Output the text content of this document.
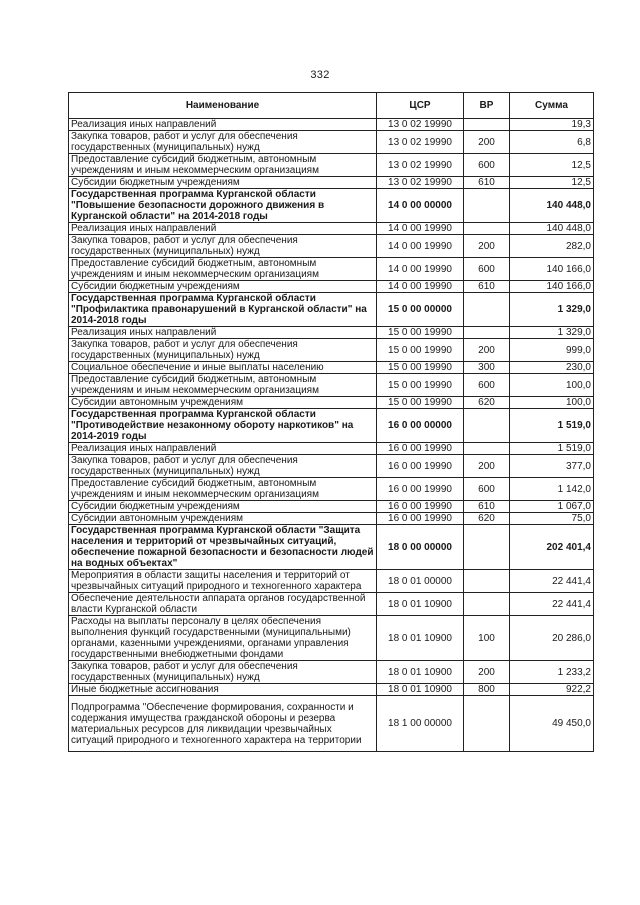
332
Наименование	ЦСР	ВР	Сумма
Реализация иных направлений	13 0 02 19990		19,3
Закупка товаров, работ и услуг для обеспечения государственных (муниципальных) нужд	13 0 02 19990	200	6,8
Предоставление субсидий бюджетным, автономным учреждениям и иным некоммерческим организациям	13 0 02 19990	600	12,5
Субсидии бюджетным учреждениям	13 0 02 19990	610	12,5
Государственная программа Курганской области "Повышение безопасности дорожного движения в Курганской области" на 2014-2018 годы	14 0 00 00000		140 448,0
Реализация иных направлений	14 0 00 19990		140 448,0
Закупка товаров, работ и услуг для обеспечения государственных (муниципальных) нужд	14 0 00 19990	200	282,0
Предоставление субсидий бюджетным, автономным учреждениям и иным некоммерческим организациям	14 0 00 19990	600	140 166,0
Субсидии бюджетным учреждениям	14 0 00 19990	610	140 166,0
Государственная программа Курганской области "Профилактика правонарушений в Курганской области" на 2014-2018 годы	15 0 00 00000		1 329,0
Реализация иных направлений	15 0 00 19990		1 329,0
Закупка товаров, работ и услуг для обеспечения государственных (муниципальных) нужд	15 0 00 19990	200	999,0
Социальное обеспечение и иные выплаты населению	15 0 00 19990	300	230,0
Предоставление субсидий бюджетным, автономным учреждениям и иным некоммерческим организациям	15 0 00 19990	600	100,0
Субсидии автономным учреждениям	15 0 00 19990	620	100,0
Государственная программа Курганской области "Противодействие незаконному обороту наркотиков" на 2014-2019 годы	16 0 00 00000		1 519,0
Реализация иных направлений	16 0 00 19990		1 519,0
Закупка товаров, работ и услуг для обеспечения государственных (муниципальных) нужд	16 0 00 19990	200	377,0
Предоставление субсидий бюджетным, автономным учреждениям и иным некоммерческим организациям	16 0 00 19990	600	1 142,0
Субсидии бюджетным учреждениям	16 0 00 19990	610	1 067,0
Субсидии автономным учреждениям	16 0 00 19990	620	75,0
Государственная программа Курганской области "Защита населения и территорий от чрезвычайных ситуаций, обеспечение пожарной безопасности и безопасности людей на водных объектах"	18 0 00 00000		202 401,4
Мероприятия в области защиты населения и территорий от чрезвычайных ситуаций природного и техногенного характера	18 0 01 00000		22 441,4
Обеспечение деятельности аппарата органов государственной власти Курганской области	18 0 01 10900		22 441,4
Расходы на выплаты персоналу в целях обеспечения выполнения функций государственными (муниципальными) органами, казенными учреждениями, органами управления государственными внебюджетными фондами	18 0 01 10900	100	20 286,0
Закупка товаров, работ и услуг для обеспечения государственных (муниципальных) нужд	18 0 01 10900	200	1 233,2
Иные бюджетные ассигнования	18 0 01 10900	800	922,2
Подпрограмма "Обеспечение формирования, сохранности и содержания имущества гражданской обороны и резерва материальных ресурсов для ликвидации чрезвычайных ситуаций природного и техногенного характера на территории	18 1 00 00000		49 450,0
